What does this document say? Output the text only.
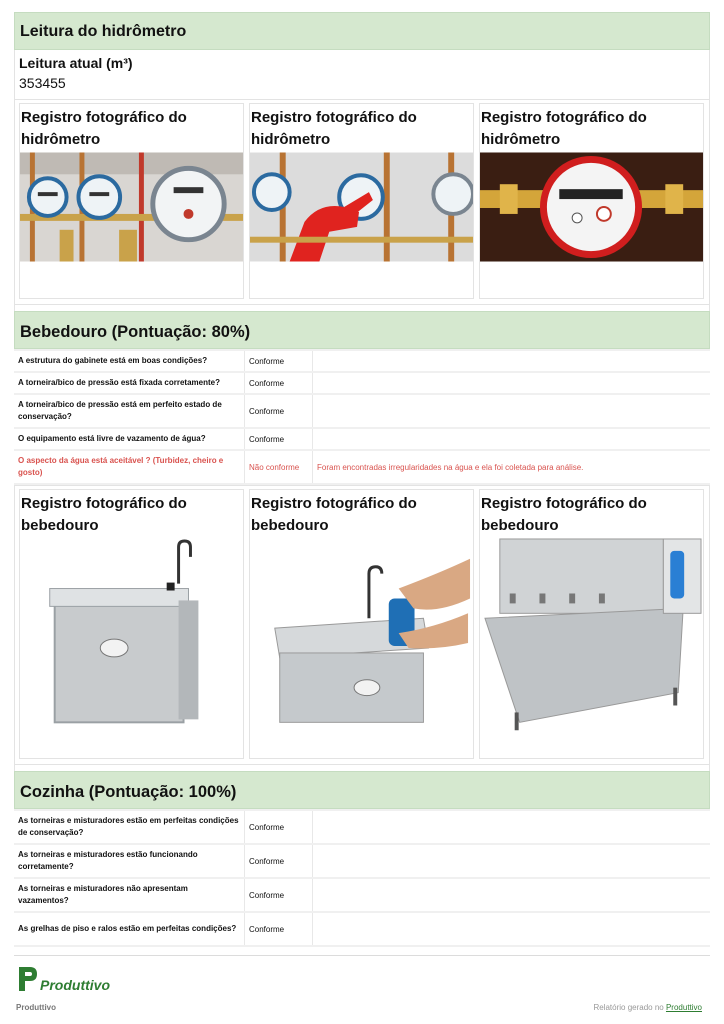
Leitura do hidrômetro
Leitura atual (m³)
353455
Registro fotográfico do hidrômetro
Registro fotográfico do hidrômetro
Registro fotográfico do hidrômetro
Bebedouro (Pontuação: 80%)
A estrutura do gabinete está em boas condições?	Conforme	
A torneira/bico de pressão está fixada corretamente?	Conforme	
A torneira/bico de pressão está em perfeito estado de conservação?	Conforme	
O equipamento está livre de vazamento de água?	Conforme	
O aspecto da água está aceitável ? (Turbidez, cheiro e gosto)	Não conforme	Foram encontradas irregularidades na água e ela foi coletada para análise.
Registro fotográfico do bebedouro
Registro fotográfico do bebedouro
Registro fotográfico do bebedouro
Cozinha (Pontuação: 100%)
As torneiras e misturadores estão em perfeitas condições de conservação?	Conforme	
As torneiras e misturadores estão funcionando corretamente?	Conforme	
As torneiras e misturadores não apresentam vazamentos?	Conforme	
As grelhas de piso e ralos estão em perfeitas condições?	Conforme	
Produttivo
Produttivo	Relatório gerado no Produttivo
